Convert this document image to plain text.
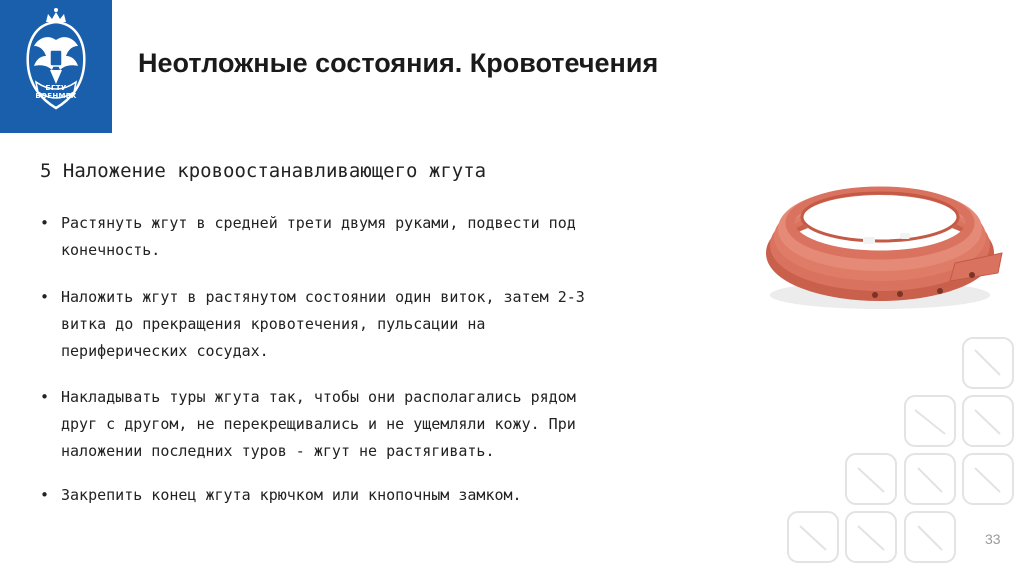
БГТУ
ВОЕНМЕХ
Неотложные состояния. Кровотечения
5 Наложение кровоостанавливающего жгута
• Растянуть жгут в средней трети двумя руками, подвести под
конечность.
• Наложить жгут в растянутом состоянии один виток, затем 2-3
витка до прекращения кровотечения, пульсации на
периферических сосудах.
• Накладывать туры жгута так, чтобы они располагались рядом
друг с другом, не перекрещивались и не ущемляли кожу. При
наложении последних туров - жгут не растягивать.
• Закрепить конец жгута крючком или кнопочным замком.
33
